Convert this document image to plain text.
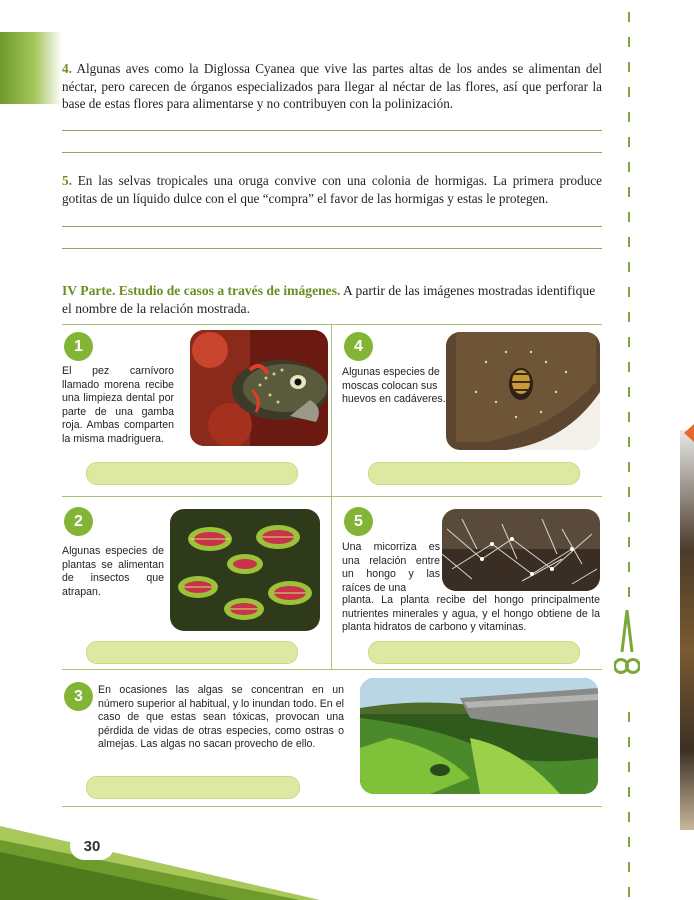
4. Algunas aves como la Diglossa Cyanea que vive las partes altas de los andes se alimentan del néctar, pero carecen de órganos especializados para llegar al néctar de las flores, así que perforar la base de estas flores para alimentarse y no contribuyen con la polinización.
5. En las selvas tropicales una oruga convive con una colonia de hormigas. La primera produce gotitas de un líquido dulce con el que “compra” el favor de las hormigas y estas le protegen.
IV Parte. Estudio de casos a través de imágenes. A partir de las imágenes mostradas identifique el nombre de la relación mostrada.
1
El pez carnívoro llamado morena recibe una limpieza dental por parte de una gamba roja. Ambas comparten la misma madriguera.
4
Algunas especies de moscas colocan sus huevos en cadáveres.
2
Algunas especies de plantas se alimentan de insectos que atrapan.
5
Una micorriza es una relación entre un hongo y las raíces de una
planta. La planta recibe del hongo principalmente nutrientes minerales y agua, y el hongo obtiene de la planta hidratos de carbono y vitaminas.
3	En ocasiones las algas se concentran en un número superior al habitual, y lo inundan todo. En el caso de que estas sean tóxicas, provocan una pérdida de vidas de otras especies, como ostras o almejas. Las algas no sacan provecho de ello.
30	Biología 11º
